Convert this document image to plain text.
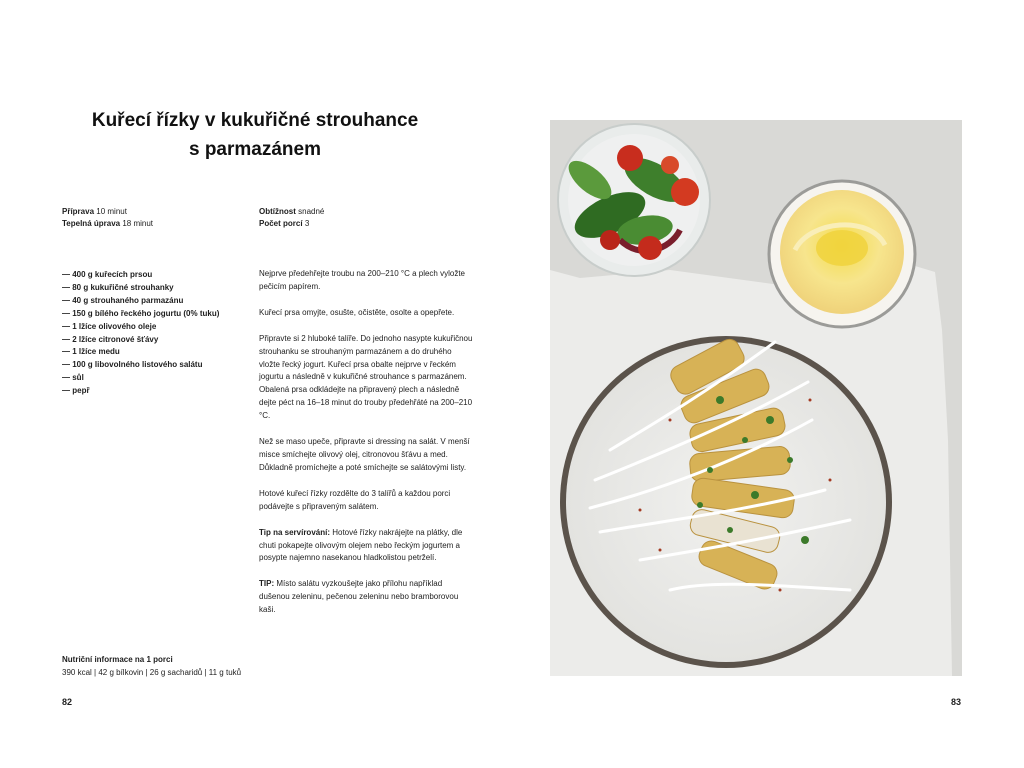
Kuřecí řízky v kukuřičné strouhance
s parmazánem
Příprava 10 minut
Tepelná úprava 18 minut
Obtížnost snadné
Počet porcí 3
— 400 g kuřecích prsou
— 80 g kukuřičné strouhanky
— 40 g strouhaného parmazánu
— 150 g bílého řeckého jogurtu (0% tuku)
— 1 lžíce olivového oleje
— 2 lžíce citronové šťávy
— 1 lžíce medu
— 100 g libovolného listového salátu
— sůl
— pepř

Nejprve předehřejte troubu na 200–210 °C a plech vyložte pečicím papírem.

Kuřecí prsa omyjte, osušte, očistěte, osolte a opepřete.

Připravte si 2 hluboké talíře. Do jednoho nasypte kukuřičnou strouhanku se strouhaným parmazánem a do druhého vložte řecký jogurt. Kuřecí prsa obalte nejprve v řeckém jogurtu a následně v kukuřičné strouhance s parmazánem. Obalená prsa odkládejte na připravený plech a následně dejte péct na 16–18 minut do trouby předehřáté na 200–210 °C.

Než se maso upeče, připravte si dressing na salát. V menší misce smíchejte olivový olej, citronovou šťávu a med. Důkladně promíchejte a poté smíchejte se salátovými listy.

Hotové kuřecí řízky rozdělte do 3 talířů a každou porci podávejte s připraveným salátem.

Tip na servírování: Hotové řízky nakrájejte na plátky, dle chuti pokapejte olivovým olejem nebo řeckým jogurtem a posypte najemno nasekanou hladkolistou petrželí.

TIP: Místo salátu vyzkoušejte jako přílohu například dušenou zeleninu, pečenou zeleninu nebo bramborovou kaši.

Nutriční informace na 1 porci
390 kcal | 42 g bílkovin | 26 g sacharidů | 11 g tuků
82	83
